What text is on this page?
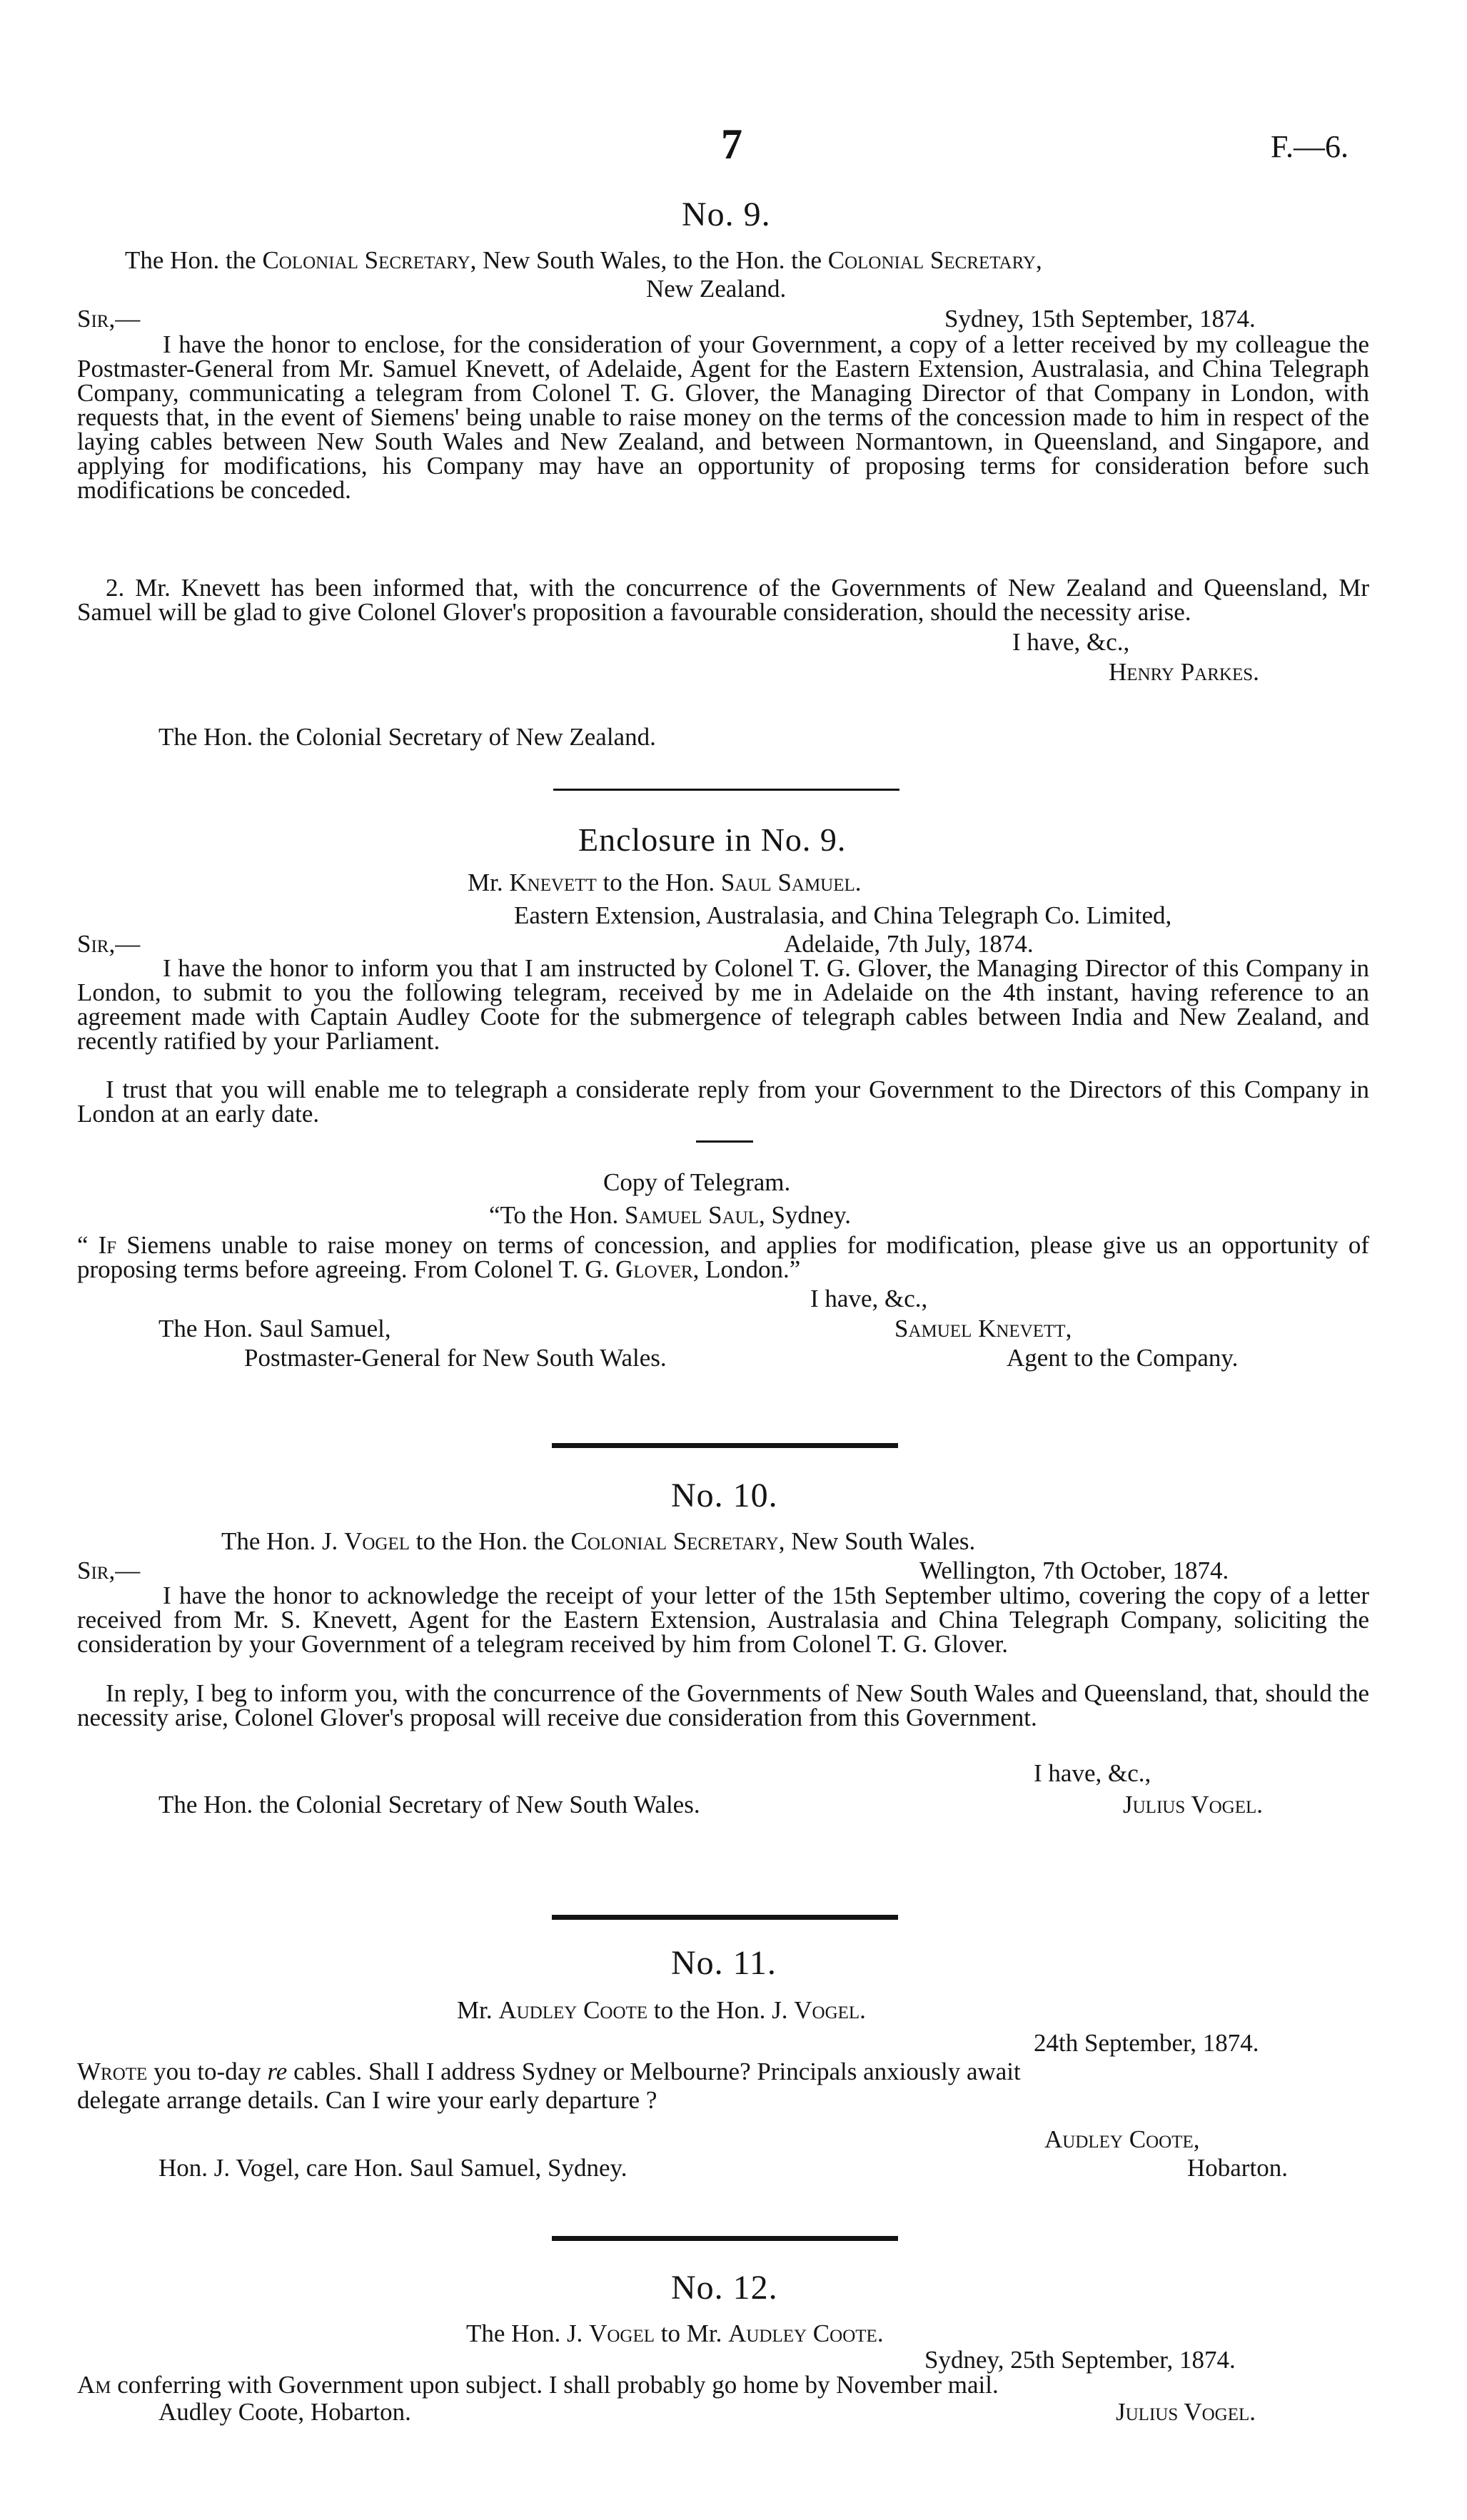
7	F.—6.
No. 9.
The Hon. the Colonial Secretary, New South Wales, to the Hon. the Colonial Secretary,
New Zealand.
Sir,—	Sydney, 15th September, 1874.
I have the honor to enclose, for the consideration of your Government, a copy of a letter received by my colleague the Postmaster-General from Mr. Samuel Knevett, of Adelaide, Agent for the Eastern Extension, Australasia, and China Telegraph Company, communicating a telegram from Colonel T. G. Glover, the Managing Director of that Company in London, with requests that, in the event of Siemens' being unable to raise money on the terms of the concession made to him in respect of the laying cables between New South Wales and New Zealand, and between Normantown, in Queensland, and Singapore, and applying for modifications, his Company may have an opportunity of proposing terms for consideration before such modifications be conceded.
2. Mr. Knevett has been informed that, with the concurrence of the Governments of New Zealand and Queensland, Mr Samuel will be glad to give Colonel Glover's proposition a favourable consideration, should the necessity arise.
I have, &c.,
Henry Parkes.
The Hon. the Colonial Secretary of New Zealand.
Enclosure in No. 9.
Mr. Knevett to the Hon. Saul Samuel.
Eastern Extension, Australasia, and China Telegraph Co. Limited,
Sir,—	Adelaide, 7th July, 1874.
I have the honor to inform you that I am instructed by Colonel T. G. Glover, the Managing Director of this Company in London, to submit to you the following telegram, received by me in Adelaide on the 4th instant, having reference to an agreement made with Captain Audley Coote for the submergence of telegraph cables between India and New Zealand, and recently ratified by your Parliament.
I trust that you will enable me to telegraph a considerate reply from your Government to the Directors of this Company in London at an early date.
Copy of Telegram.
“To the Hon. Samuel Saul, Sydney.
“ If Siemens unable to raise money on terms of concession, and applies for modification, please give us an opportunity of proposing terms before agreeing. From Colonel T. G. Glover, London.”
I have, &c.,
The Hon. Saul Samuel,	Samuel Knevett,
Postmaster-General for New South Wales.	Agent to the Company.
No. 10.
The Hon. J. Vogel to the Hon. the Colonial Secretary, New South Wales.
Sir,—	Wellington, 7th October, 1874.
I have the honor to acknowledge the receipt of your letter of the 15th September ultimo, covering the copy of a letter received from Mr. S. Knevett, Agent for the Eastern Extension, Australasia and China Telegraph Company, soliciting the consideration by your Government of a telegram received by him from Colonel T. G. Glover.
In reply, I beg to inform you, with the concurrence of the Governments of New South Wales and Queensland, that, should the necessity arise, Colonel Glover's proposal will receive due consideration from this Government.
I have, &c.,
The Hon. the Colonial Secretary of New South Wales.	Julius Vogel.
No. 11.
Mr. Audley Coote to the Hon. J. Vogel.
24th September, 1874.
Wrote you to-day re cables. Shall I address Sydney or Melbourne? Principals anxiously await
delegate arrange details. Can I wire your early departure ?
Audley Coote,
Hobarton.
Hon. J. Vogel, care Hon. Saul Samuel, Sydney.
No. 12.
The Hon. J. Vogel to Mr. Audley Coote.
Sydney, 25th September, 1874.
Am conferring with Government upon subject. I shall probably go home by November mail.
Audley Coote, Hobarton.	Julius Vogel.
